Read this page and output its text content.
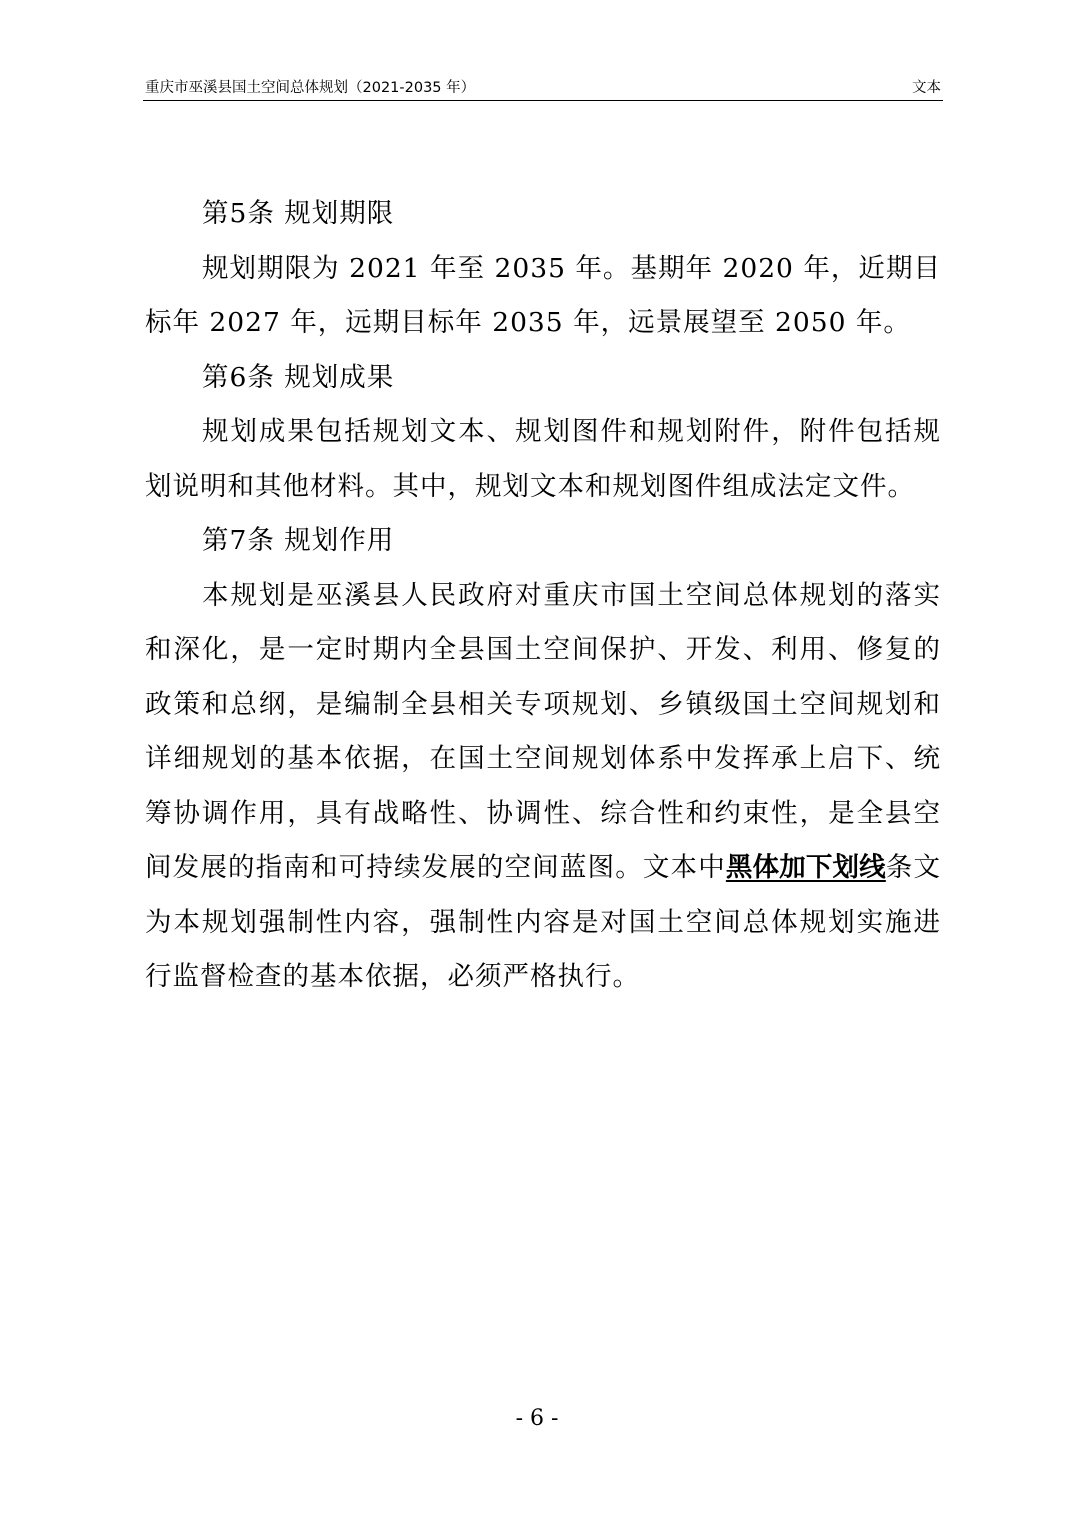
重庆市巫溪县国土空间总体规划（2021-2035 年）	文本

第5条 规划期限

规划期限为 2021 年至 2035 年。基期年 2020 年，近期目标年 2027 年，远期目标年 2035 年，远景展望至 2050 年。

第6条 规划成果

规划成果包括规划文本、规划图件和规划附件，附件包括规划说明和其他材料。其中，规划文本和规划图件组成法定文件。

第7条 规划作用

本规划是巫溪县人民政府对重庆市国土空间总体规划的落实和深化，是一定时期内全县国土空间保护、开发、利用、修复的政策和总纲，是编制全县相关专项规划、乡镇级国土空间规划和详细规划的基本依据，在国土空间规划体系中发挥承上启下、统筹协调作用，具有战略性、协调性、综合性和约束性，是全县空间发展的指南和可持续发展的空间蓝图。文本中黑体加下划线条文为本规划强制性内容，强制性内容是对国土空间总体规划实施进行监督检查的基本依据，必须严格执行。

- 6 -
